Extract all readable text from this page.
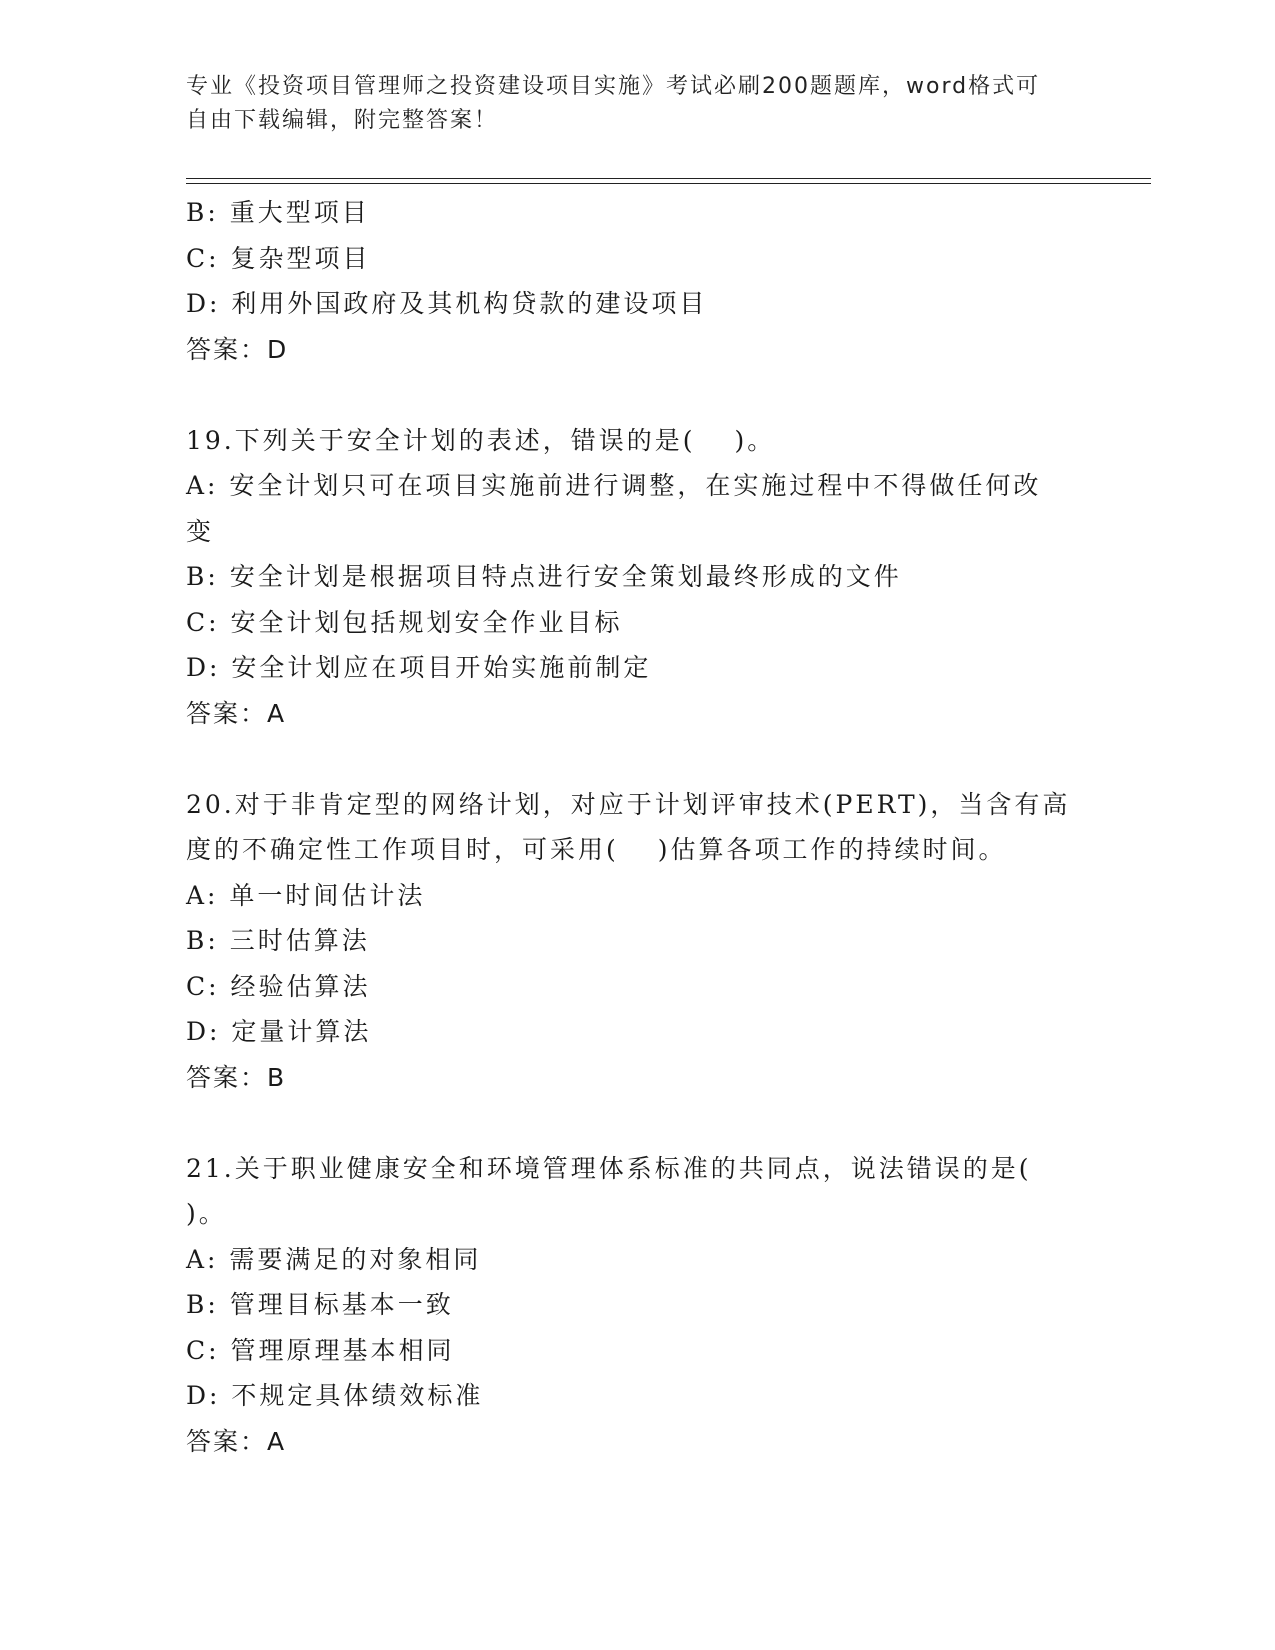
专业《投资项目管理师之投资建设项目实施》考试必刷200题题库，word格式可
自由下载编辑，附完整答案！
B: 重大型项目
C: 复杂型项目
D: 利用外国政府及其机构贷款的建设项目
答案：D
19.下列关于安全计划的表述，错误的是(　 )。
A: 安全计划只可在项目实施前进行调整，在实施过程中不得做任何改
变
B: 安全计划是根据项目特点进行安全策划最终形成的文件
C: 安全计划包括规划安全作业目标
D: 安全计划应在项目开始实施前制定
答案：A
20.对于非肯定型的网络计划，对应于计划评审技术(PERT)，当含有高
度的不确定性工作项目时，可采用(　 )估算各项工作的持续时间。
A: 单一时间估计法
B: 三时估算法
C: 经验估算法
D: 定量计算法
答案：B
21.关于职业健康安全和环境管理体系标准的共同点，说法错误的是(
)。
A: 需要满足的对象相同
B: 管理目标基本一致
C: 管理原理基本相同
D: 不规定具体绩效标准
答案：A
